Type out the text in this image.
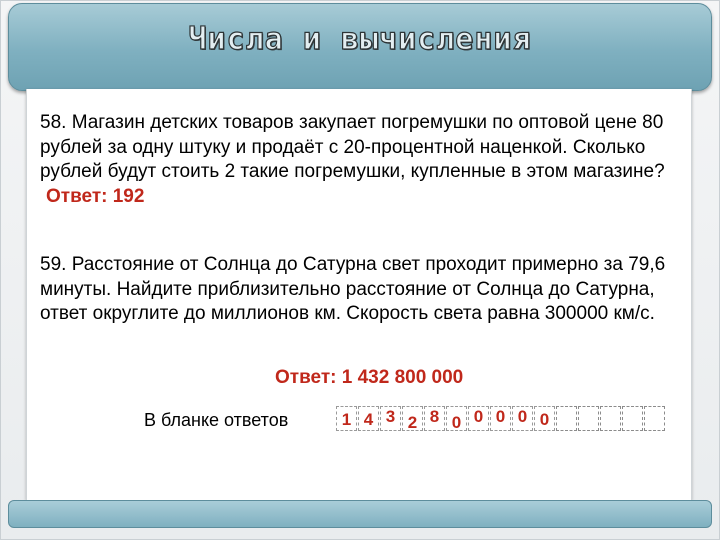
Числа и вычисления
58. Магазин детских товаров закупает погремушки по оптовой цене 80 рублей за одну штуку и продаёт с 20-процентной наценкой. Сколько рублей будут стоить 2 такие погремушки, купленные в этом магазине? Ответ: 192
59. Расстояние от Солнца до Сатурна свет проходит примерно за 79,6 минуты. Найдите приблизительно расстояние от Солнца до Сатурна, ответ округлите до миллионов км. Скорость света равна 300000 км/с.
Ответ: 1 432 800 000
В бланке ответов	1 4 3 2 8 0 0 0 0 0
